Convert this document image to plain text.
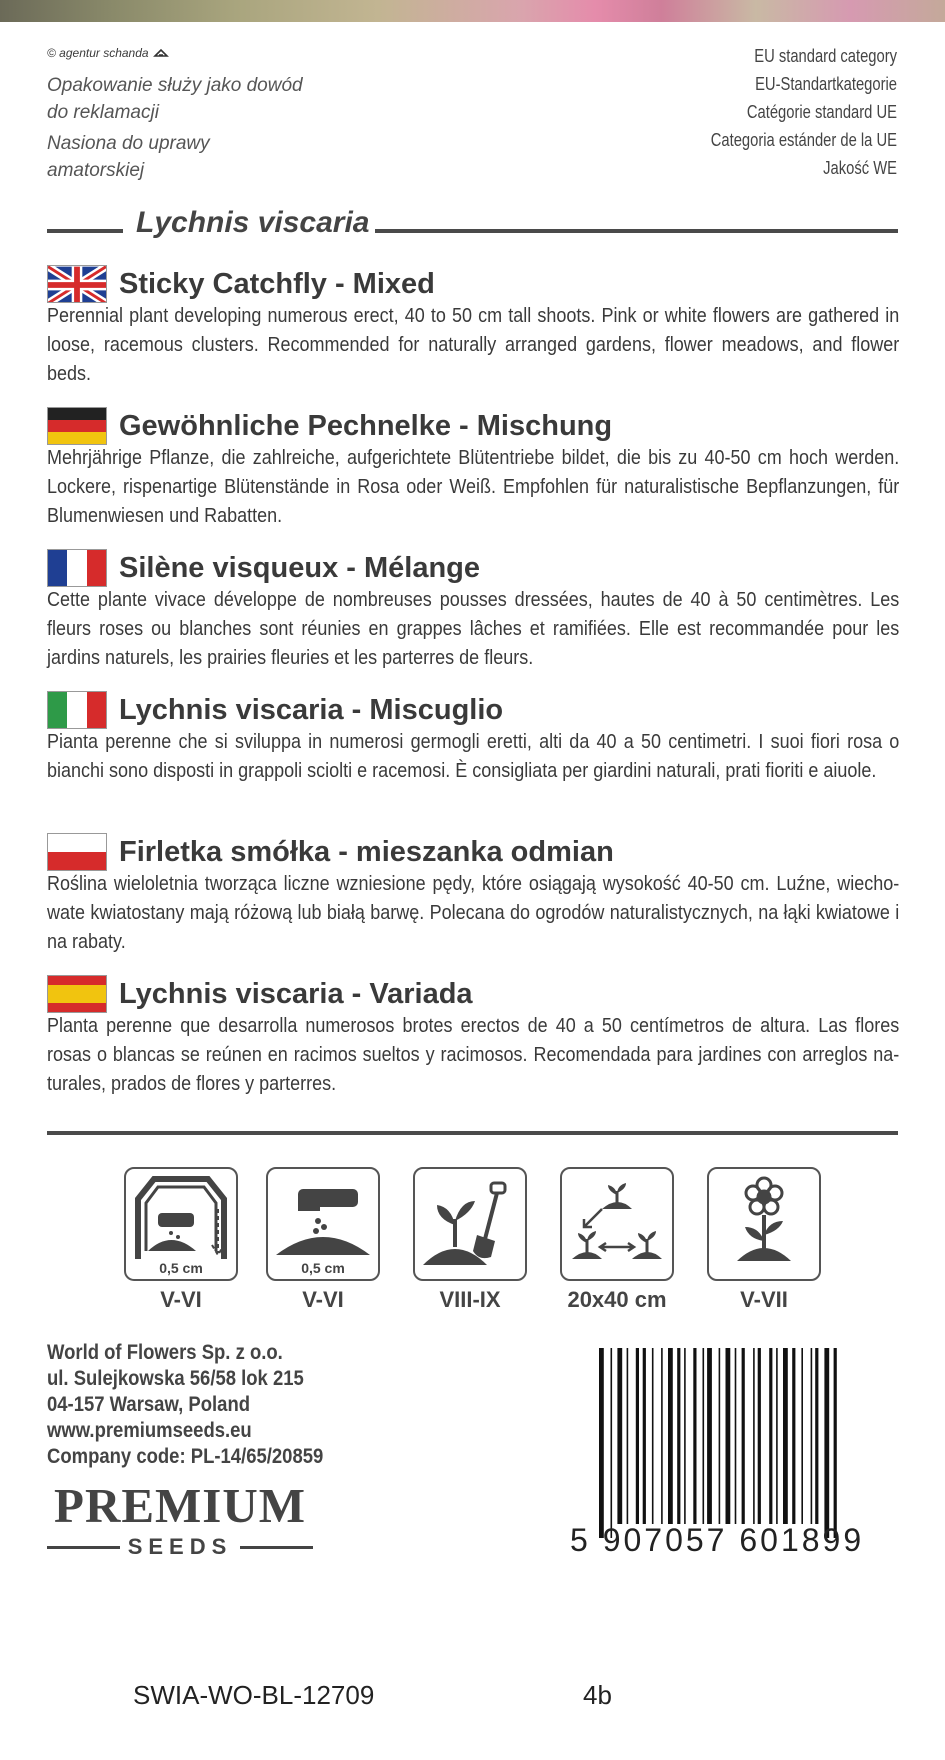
© agentur schanda
Opakowanie służy jako dowód do reklamacji
Nasiona do uprawy amatorskiej
EU standard category
EU-Standartkategorie
Catégorie standard UE
Categoria estánder de la UE
Jakość WE
Lychnis viscaria
Sticky Catchfly - Mixed
Perennial plant developing numerous erect, 40 to 50 cm tall shoots. Pink or white flowers are gathered in loose, racemous clusters. Recommended for naturally arranged gardens, flower meadows, and flower beds.
Gewöhnliche Pechnelke - Mischung
Mehrjährige Pflanze, die zahlreiche, aufgerichtete Blütentriebe bildet, die bis zu 40-50 cm hoch werden. Lockere, rispenartige Blütenstände in Rosa oder Weiß. Empfohlen für naturalistische Bepflanzungen, für Blumenwiesen und Rabatten.
Silène visqueux - Mélange
Cette plante vivace développe de nombreuses pousses dressées, hautes de 40 à 50 centimètres. Les fleurs roses ou blanches sont réunies en grappes lâches et ramifiées. Elle est recommandée pour les jardins naturels, les prairies fleuries et les parterres de fleurs.
Lychnis viscaria - Miscuglio
Pianta perenne che si sviluppa in numerosi germogli eretti, alti da 40 a 50 centimetri. I suoi fiori rosa o bianchi sono disposti in grappoli sciolti e racemosi. È consigliata per giardini naturali, prati fioriti e aiuole.
Firletka smółka - mieszanka odmian
Roślina wieloletnia tworząca liczne wzniesione pędy, które osiągają wysokość 40-50 cm. Luźne, wiecho-wate kwiatostany mają różową lub białą barwę. Polecana do ogrodów naturalistycznych, na łąki kwiatowe i na rabaty.
Lychnis viscaria - Variada
Planta perenne que desarrolla numerosos brotes erectos de 40 a 50 centímetros de altura. Las flores rosas o blancas se reúnen en racimos sueltos y racimosos. Recomendada para jardines con arreglos na-turales, prados de flores y parterres.
0,5 cm
V-VI
0,5 cm
V-VI	VIII-IX	20x40 cm	V-VII
World of Flowers Sp. z o.o.
ul. Sulejkowska 56/58 lok 215
04-157 Warsaw, Poland
www.premiumseeds.eu
Company code: PL-14/65/20859
PREMIUM
SEEDS	5 907057 601899
SWIA-WO-BL-12709	4b
